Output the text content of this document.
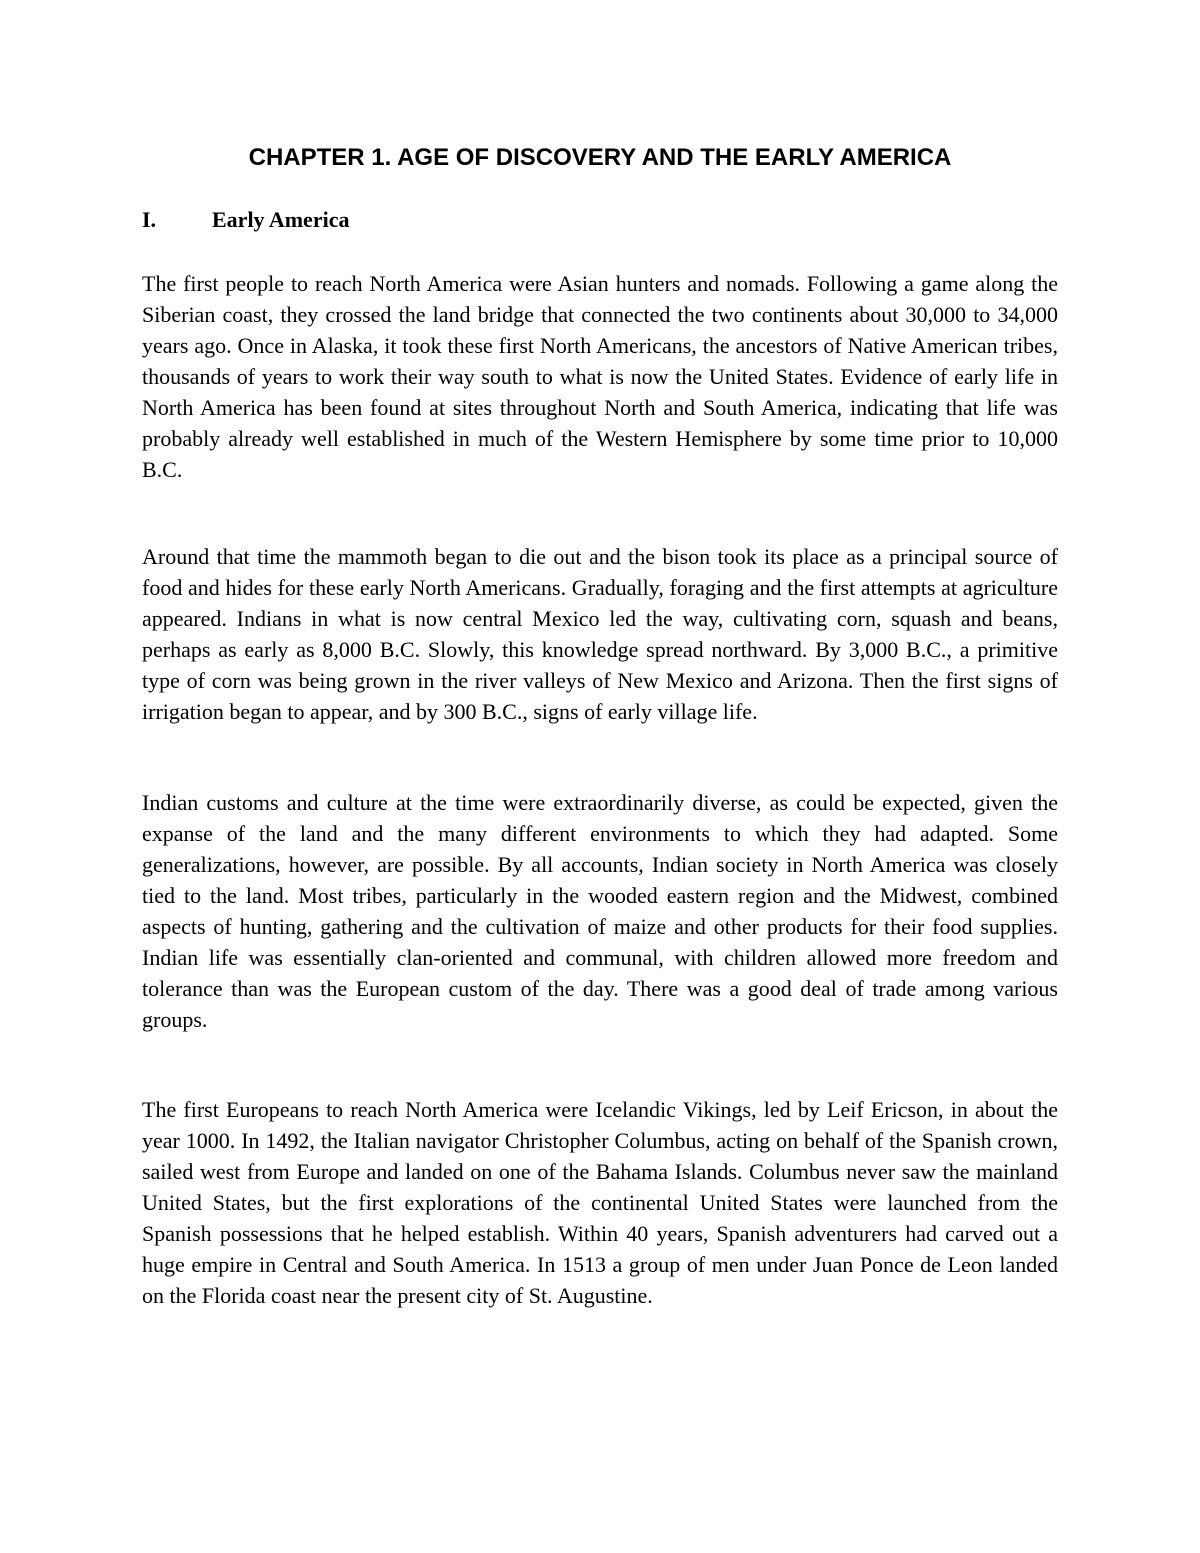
CHAPTER 1. AGE OF DISCOVERY AND THE EARLY AMERICA
I.	Early America

The first people to reach North America were Asian hunters and nomads. Following a game along the Siberian coast, they crossed the land bridge that connected the two continents about 30,000 to 34,000 years ago. Once in Alaska, it took these first North Americans, the ancestors of Native American tribes, thousands of years to work their way south to what is now the United States. Evidence of early life in North America has been found at sites throughout North and South America, indicating that life was probably already well established in much of the Western Hemisphere by some time prior to 10,000 B.C.

Around that time the mammoth began to die out and the bison took its place as a principal source of food and hides for these early North Americans. Gradually, foraging and the first attempts at agriculture appeared. Indians in what is now central Mexico led the way, cultivating corn, squash and beans, perhaps as early as 8,000 B.C. Slowly, this knowledge spread northward. By 3,000 B.C., a primitive type of corn was being grown in the river valleys of New Mexico and Arizona. Then the first signs of irrigation began to appear, and by 300 B.C., signs of early village life.

Indian customs and culture at the time were extraordinarily diverse, as could be expected, given the expanse of the land and the many different environments to which they had adapted. Some generalizations, however, are possible. By all accounts, Indian society in North America was closely tied to the land. Most tribes, particularly in the wooded eastern region and the Midwest, combined aspects of hunting, gathering and the cultivation of maize and other products for their food supplies. Indian life was essentially clan-oriented and communal, with children allowed more freedom and tolerance than was the European custom of the day. There was a good deal of trade among various groups.

The first Europeans to reach North America were Icelandic Vikings, led by Leif Ericson, in about the year 1000. In 1492, the Italian navigator Christopher Columbus, acting on behalf of the Spanish crown, sailed west from Europe and landed on one of the Bahama Islands. Columbus never saw the mainland United States, but the first explorations of the continental United States were launched from the Spanish possessions that he helped establish. Within 40 years, Spanish adventurers had carved out a huge empire in Central and South America. In 1513 a group of men under Juan Ponce de Leon landed on the Florida coast near the present city of St. Augustine.
